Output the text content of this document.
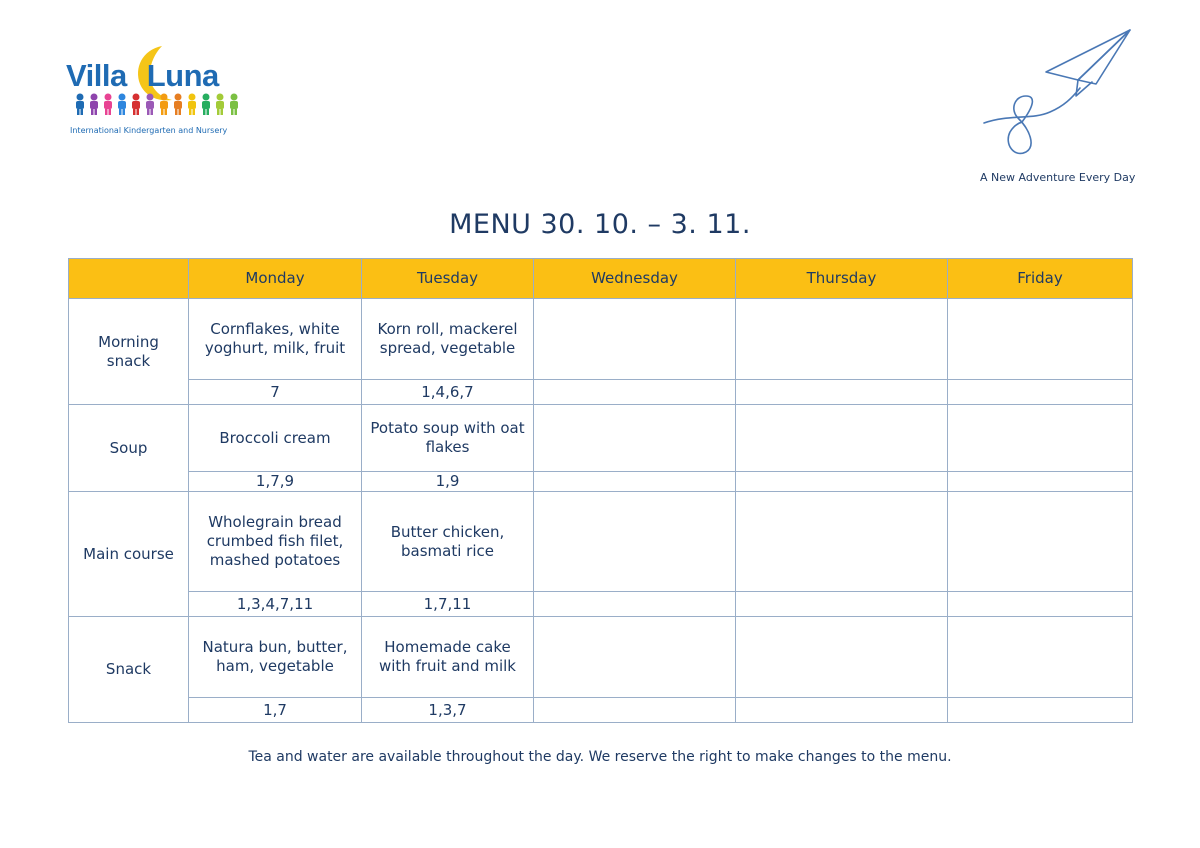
Villa Luna
International Kindergarten and Nursery
A New Adventure Every Day
MENU 30. 10. – 3. 11.
	Monday	Tuesday	Wednesday	Thursday	Friday
Morning snack	Cornflakes, white yoghurt, milk, fruit	Korn roll, mackerel spread, vegetable			
	7	1,4,6,7			
Soup	Broccoli cream	Potato soup with oat flakes			
	1,7,9	1,9			
Main course	Wholegrain bread crumbed fish filet, mashed potatoes	Butter chicken, basmati rice			
	1,3,4,7,11	1,7,11			
Snack	Natura bun, butter, ham, vegetable	Homemade cake with fruit and milk			
	1,7	1,3,7			
Tea and water are available throughout the day. We reserve the right to make changes to the menu.
